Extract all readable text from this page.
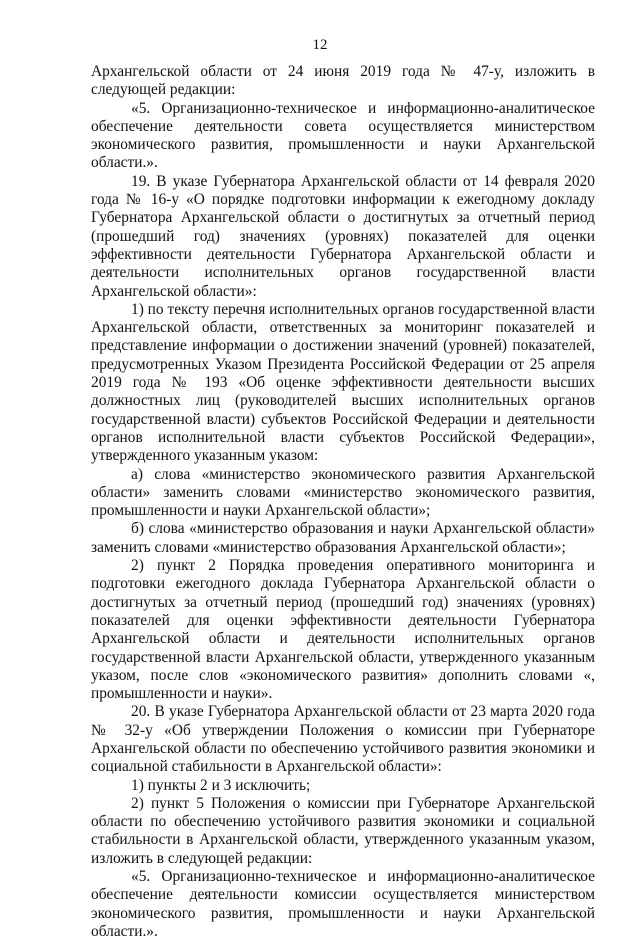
12

Архангельской области от 24 июня 2019 года № 47-у, изложить в следующей редакции:

«5. Организационно-техническое и информационно-аналитическое обеспечение деятельности совета осуществляется министерством экономического развития, промышленности и науки Архангельской области.».

19. В указе Губернатора Архангельской области от 14 февраля 2020 года № 16-у «О порядке подготовки информации к ежегодному докладу Губернатора Архангельской области о достигнутых за отчетный период (прошедший год) значениях (уровнях) показателей для оценки эффективности деятельности Губернатора Архангельской области и деятельности исполнительных органов государственной власти Архангельской области»:

1) по тексту перечня исполнительных органов государственной власти Архангельской области, ответственных за мониторинг показателей и представление информации о достижении значений (уровней) показателей, предусмотренных Указом Президента Российской Федерации от 25 апреля 2019 года № 193 «Об оценке эффективности деятельности высших должностных лиц (руководителей высших исполнительных органов государственной власти) субъектов Российской Федерации и деятельности органов исполнительной власти субъектов Российской Федерации», утвержденного указанным указом:

а) слова «министерство экономического развития Архангельской области» заменить словами «министерство экономического развития, промышленности и науки Архангельской области»;

б) слова «министерство образования и науки Архангельской области» заменить словами «министерство образования Архангельской области»;

2) пункт 2 Порядка проведения оперативного мониторинга и подготовки ежегодного доклада Губернатора Архангельской области о достигнутых за отчетный период (прошедший год) значениях (уровнях) показателей для оценки эффективности деятельности Губернатора Архангельской области и деятельности исполнительных органов государственной власти Архангельской области, утвержденного указанным указом, после слов «экономического развития» дополнить словами «, промышленности и науки».

20. В указе Губернатора Архангельской области от 23 марта 2020 года № 32-у «Об утверждении Положения о комиссии при Губернаторе Архангельской области по обеспечению устойчивого развития экономики и социальной стабильности в Архангельской области»:

1) пункты 2 и 3 исключить;

2) пункт 5 Положения о комиссии при Губернаторе Архангельской области по обеспечению устойчивого развития экономики и социальной стабильности в Архангельской области, утвержденного указанным указом, изложить в следующей редакции:

«5. Организационно-техническое и информационно-аналитическое обеспечение деятельности комиссии осуществляется министерством экономического развития, промышленности и науки Архангельской области.».
